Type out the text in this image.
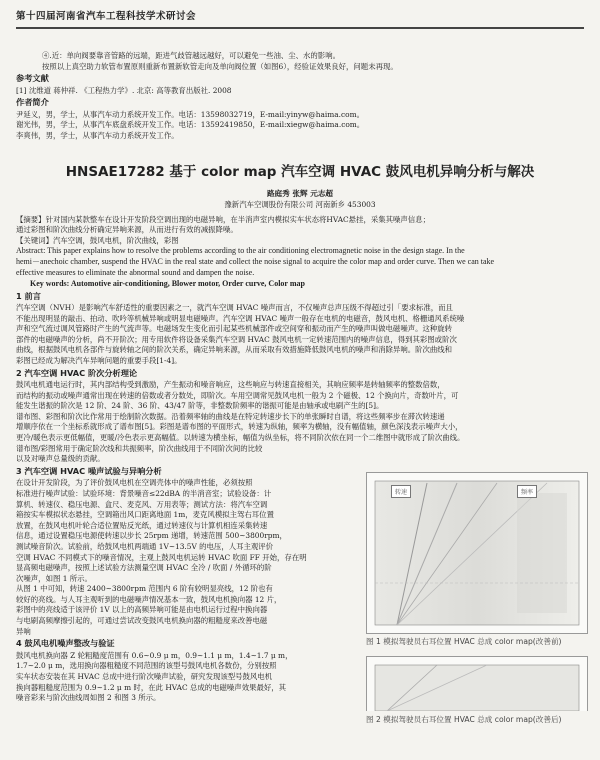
第十四届河南省汽车工程科技学术研讨会

④.近：单向阀要靠音管路的远端，距进气歧管越远越好，可以避免一些油、尘、水的影响。

按照以上真空助力软管布置原则重新布置新软管走向及单向阀位置（如图6），经验证效果良好，问题未再现。

参考文献

[1] 沈维道 蒋仲祥. 《工程热力学》. 北京: 高等教育出版社. 2008

作者简介

尹延义，男，学士，从事汽车动力系统开发工作。电话：13598032719，E-mail:yinyw@haima.com。

谢光伟，男，学士，从事汽车底盘系统开发工作。电话：13592419850，E-mail:xiegw@haima.com。

李爽伟，男，学士，从事汽车动力系统开发工作。

HNSAE17282 基于 color map 汽车空调 HVAC 鼓风电机异响分析与解决
路庭秀 张辉 元志超
豫新汽车空调股份有限公司 河南新乡 453003

【摘要】针对国内某款整车在设计开发阶段空调出现的电磁异响，在半消声室内模拟实车状态将HVAC悬挂，采集其噪声信息；

通过彩图和阶次曲线分析确定异响来源，从而进行有效的减振降噪。

【关键词】汽车空调，鼓风电机，阶次曲线，彩图

Abstract: This paper explains how to resolve the problems according to the air conditioning electromagnetic noise in the design stage. In the

hemi－anechoic chamber, suspend the HVAC in the real state and collect the noise signal to acquire the color map and order curve. Then we can take

effective measures to eliminate the abnormal sound and dampen the noise.

Key words: Automotive air-conditioning, Blower motor, Order curve, Color map

1 前言

汽车空调（NVH）是影响汽车舒适性的重要因素之一，就汽车空调 HVAC 噪声而言，不仅噪声总声压级不得超过引「要求标准，而且

不能出现明显的敲击、拍动、吹吟等机械异响或明显电磁噪声。汽车空调 HVAC 噪声一般存在电机的电磁音，鼓风电机、格栅通风系统噪

声和空气流过调风管路时产生的气流声等。电磁场发生变化而引起某些机械部件或空间穿和振动而产生的噪声叫做电磁噪声。这种旋转

部件的电磁噪声的分析，尚不开阶次；用专用软件将设备采集汽车空调 HVAC 鼓风电机一定转速范围内的噪声信息，得到其彩图或阶次

曲线，根据鼓风电机各部件与旋转轴之间的阶次关系，确定异响来源，从而采取有效措施降低鼓风电机的噪声和消除异响。阶次曲线和

彩图已经成为解决汽车异响问题的重要手段[1-4]。

2 汽车空调 HVAC 阶次分析理论

鼓风电机通电运行时，其内部结构受到激励，产生振动和噪音响应，这些响应与转速直接相关，其响应频率是转轴频率的整数倍数，

而结构的振动或噪声通常出现在转速的倍数或者分数处，即阶次。车用空调常见鼓风电机一般为 2 个磁极、12 个换向片，奇数叶片，可

能发生谐振的阶次是 12 阶、24 阶、36 阶、43/47 阶等，非整数阶频率的谐振可能是由轴承或电刷产生的[5]。

谱布图、彩图和阶次比作常用于绘制阶次数据。沿着频率轴的曲线是在特定转速步长下的单张瞬时自谱，将这些频率步在滞次转速递

增顺序依在一个坐标系就形成了谱布图[5]。彩图是谱布图的平面形式，转速为纵轴，频率为横轴，没有幅值轴，颜色深浅表示噪声大小，

更冷/暖色表示更低幅值，更暖/冷色表示更高幅值。以转速为横坐标，幅值为纵坐标，将不同阶次依在同一个二维图中就形成了阶次曲线。

谱布图/彩图常用于确定阶次线和共振频率，阶次曲线用于不同阶次间的比较

以及对噪声总量级的贡献。

3 汽车空调 HVAC 噪声试验与异响分析

在设计开发阶段，为了评价鼓风电机在空调壳体中的噪声性能，必须按照

标准进行噪声试验：试验环境：背景噪音≤22dBA 的半消音室；试验设备：计

算机、转速仪、稳压电源、盒尺、麦克风、万用表等；测试方法：将汽车空调

箱按实车模拟状态悬挂，空调箱出风口距离地面 1m，麦克风模拟主驾右耳位置

放置，在鼓风电机叶轮合适位置贴反光纸，通过转速仪与计算机相连采集转速

信息，通过设置稳压电源使转速以步长 25rpm 递增，转速范围 500~3800rpm，

测试噪音阶次。试验前，给鼓风电机两端通 1V~13.5V 的电压，人耳主观评价

空调 HVAC 不同模式下的噪音情况，主观上鼓风电机运转 HVAC 吹面 FF 开始，存在明

显高频电磁噪声，按照上述试验方法测量空调 HVAC 全冷 / 吹面 / 外循环的阶

次噪声，如图 1 所示。

从图 1 中可知，转速 2400~3800rpm 范围内 6 阶有较明显亮线，12 阶也有

较好的亮线。与人耳主观听到的电磁噪声情况基本一致，鼓风电机换向器 12 片，

彩图中的亮线适于该评价 1V 以上的高频异响可能是由电机运行过程中换向器

与电刷高频摩擦引起的，可通过尝试改变鼓风电机换向器的粗糙度来改善电磁

异响

4 鼓风电机噪声整改与验证

鼓风电机换向器 Z 轮粗糙度范围有 0.6~0.9 μ m，0.9~1.1 μ m，1.4~1.7 μ m，

1.7~2.0 μ m，选用换向器粗糙度不同范围的该型号鼓风电机各数份，分别按照

实车状态安装在其 HVAC 总成中进行阶次噪声试验，研究发现该型号鼓风电机

换向器粗糙度范围为 0.9~1.2 μ m 时，在此 HVAC 总成的电磁噪声效果最好，其

噪音彩来与阶次曲线周如图 2 和图 3 所示。

转速	频率
图 1 模拟驾驶员右耳位置 HVAC 总成 color map(改善前)
图 2 模拟驾驶员右耳位置 HVAC 总成 color map(改善后)
